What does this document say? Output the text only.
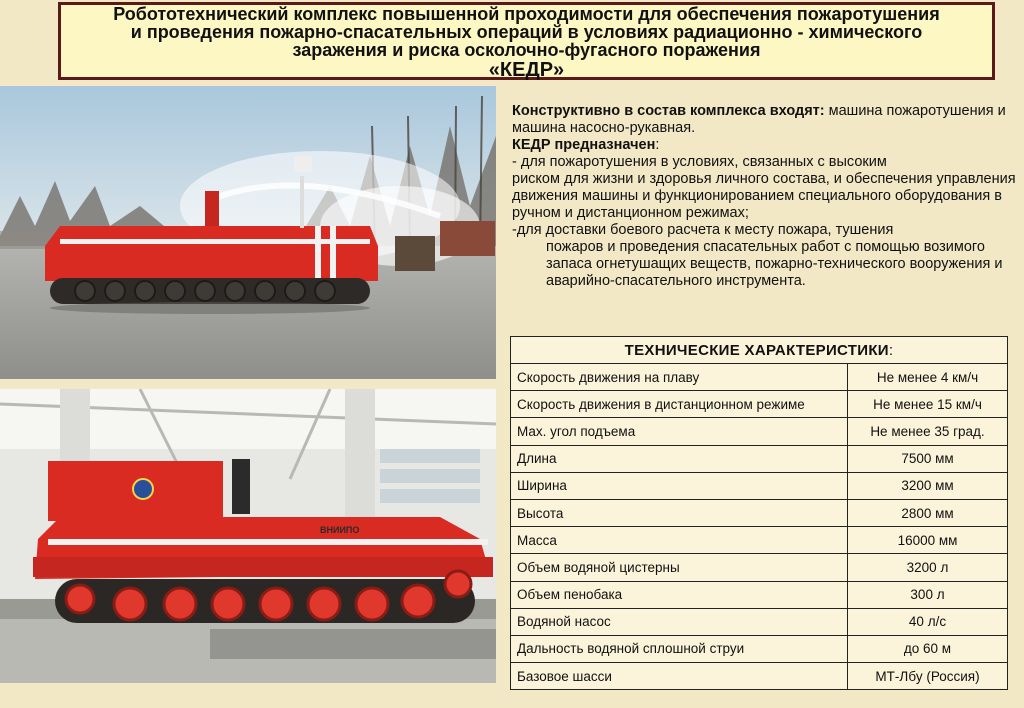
Робототехнический комплекс повышенной проходимости для обеспечения пожаротушения
и проведения пожарно-спасательных операций в условиях радиационно - химического
заражения и риска осколочно-фугасного поражения
«КЕДР»
ВНИИПО

Конструктивно в состав комплекса входят: машина пожаротушения и машина насосно-рукавная.

КЕДР предназначен:

- для пожаротушения в условиях, связанных с высоким
риском для жизни и здоровья личного состава, и обеспечения управления движения машины и функционированием специального оборудования в ручном и дистанционном режимах;

-для доставки боевого расчета к месту пожара, тушения

пожаров и проведения спасательных работ с помощью возимого запаса огнетушащих веществ, пожарно-технического вооружения и аварийно-спасательного инструмента.

ТЕХНИЧЕСКИЕ ХАРАКТЕРИСТИКИ:	
Скорость движения на плаву	Не менее 4 км/ч
Скорость движения в дистанционном режиме	Не менее 15 км/ч
Мах. угол подъема	Не менее 35 град.
Длина	7500 мм
Ширина	3200 мм
Высота	2800 мм
Масса	16000 мм
Объем водяной цистерны	3200 л
Объем пенобака	300 л
Водяной насос	40 л/с
Дальность водяной сплошной струи	до 60 м
Базовое шасси	МТ-Лбу (Россия)
